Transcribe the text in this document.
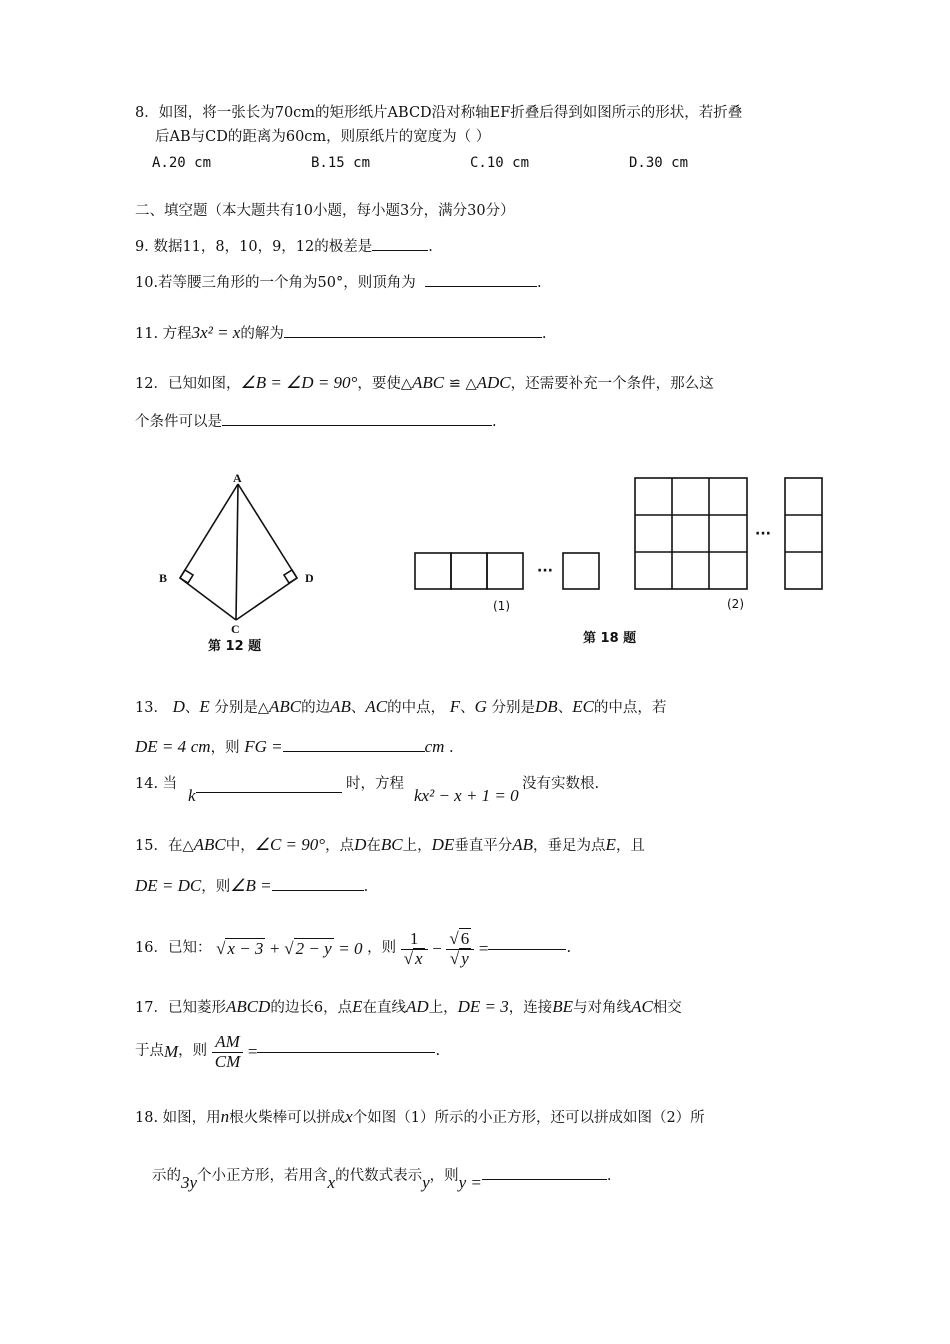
8．如图，将一张长为70cm的矩形纸片ABCD沿对称轴EF折叠后得到如图所示的形状，若折叠
后AB与CD的距离为60cm，则原纸片的宽度为（ ）
A.20 cm	B.15 cm	C.10 cm	D.30 cm
二、填空题（本大题共有10小题，每小题3分，满分30分）
9. 数据11，8，10，9，12的极差是	.
10.若等腰三角形的一个角为50°，则顶角为	.
11. 方程3x² = x的解为	.
12．已知如图，∠B = ∠D = 90°，要使△ABC ≌ △ADC，还需要补充一个条件，那么这
个条件可以是	.
A
B
C
D
第 12 题
···
···
(1)	(2)
第 18 题
13． D、E 分别是△ABC的边AB、AC的中点， F、G 分别是DB、EC的中点，若
DE = 4 cm，则 FG =	cm .
14. 当
k
时，方程
kx² − x + 1 = 0
没有实数根.
15．在△ABC中，∠C = 90°，点D在BC上，DE垂直平分AB，垂足为点E，且
DE = DC，则∠B =	.
16．已知： √ x − 3 + √ 2 − y = 0 ，则 $\frac{1}{√ x} - \frac{√ 6}{√ y}$ =	.
17．已知菱形ABCD的边长6，点E在直线AD上，DE = 3，连接BE与对角线AC相交
于点M，则 $\frac{AM}{CM}$ =	.
18. 如图，用n根火柴棒可以拼成x个如图（1）所示的小正方形，还可以拼成如图（2）所
示的3y个小正方形，若用含x的代数式表示y，则y =	.
